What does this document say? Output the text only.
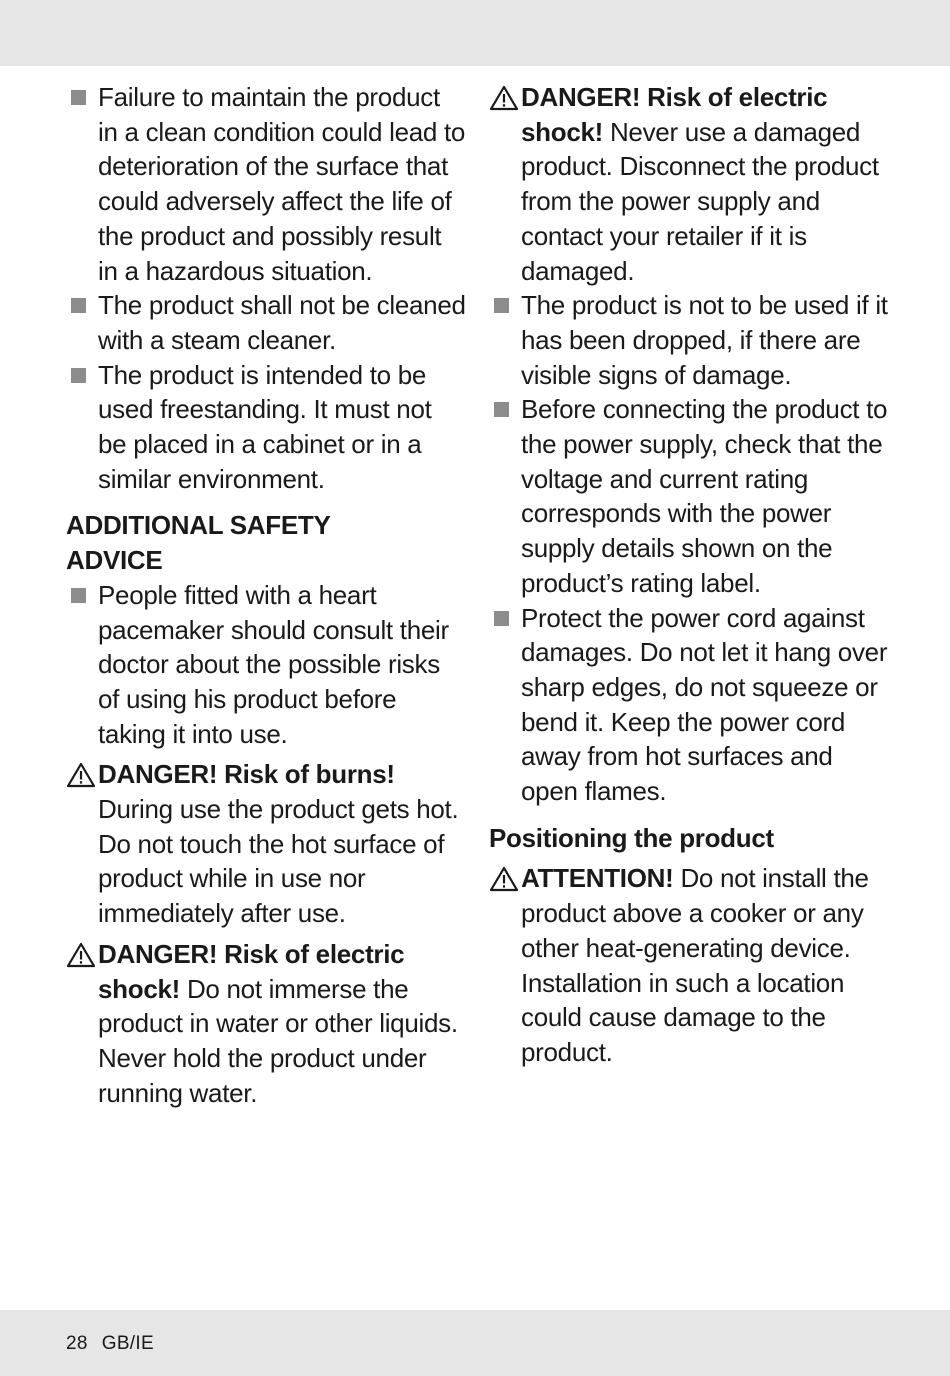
Failure to maintain the product in a clean condition could lead to deterioration of the surface that could adversely affect the life of the product and possibly result in a hazardous situation.

The product shall not be cleaned with a steam cleaner.

The product is intended to be used freestanding. It must not be placed in a cabinet or in a similar environment.

ADDITIONAL SAFETY
ADVICE

People fitted with a heart pacemaker should consult their doctor about the possible risks of using his product before taking it into use.

DANGER! Risk of burns!
During use the product gets hot. Do not touch the hot surface of product while in use nor immediately after use.

DANGER! Risk of electric shock! Do not immerse the product in water or other liquids. Never hold the product under running water.

DANGER! Risk of electric shock! Never use a damaged product. Disconnect the product from the power supply and contact your retailer if it is damaged.

The product is not to be used if it has been dropped, if there are visible signs of damage.

Before connecting the product to the power supply, check that the voltage and current rating corresponds with the power supply details shown on the product’s rating label.

Protect the power cord against damages. Do not let it hang over sharp edges, do not squeeze or bend it. Keep the power cord away from hot surfaces and open flames.

Positioning the product

ATTENTION! Do not install the product above a cooker or any other heat-generating device. Installation in such a location could cause damage to the product.

28 GB/IE
